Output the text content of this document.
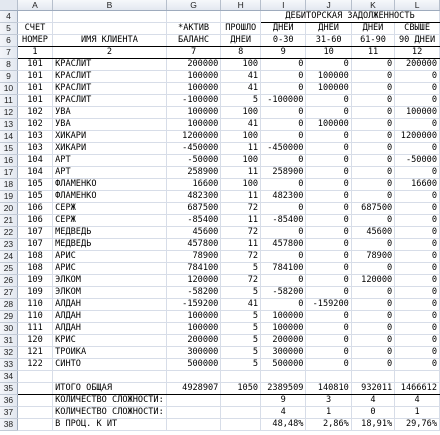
	A	B	G	H	I	J	K	L
4					ДЕБИТОРСКАЯ ЗАДОЛЖЕННОСТЬ			
5	СЧЕТ		*АКТИВ	ПРОШЛО	ДНЕЙ	ДНЕЙ	ДНЕЙ	СВЫШЕ
6	НОМЕР	ИМЯ КЛИЕНТА	БАЛАНС	ДНЕЙ	0-30	31-60	61-90	90 ДНЕЙ
7	1	2	7	8	9	10	11	12
8	101	КРАСЛИТ	200000	100	0	0	0	200000
9	101	КРАСЛИТ	100000	41	0	100000	0	0
10	101	КРАСЛИТ	100000	41	0	100000	0	0
11	101	КРАСЛИТ	-100000	5	-100000	0	0	0
12	102	УВА	100000	100	0	0	0	100000
13	102	УВА	100000	41	0	100000	0	0
14	103	ХИКАРИ	1200000	100	0	0	0	1200000
15	103	ХИКАРИ	-450000	11	-450000	0	0	0
16	104	АРТ	-50000	100	0	0	0	-50000
17	104	АРТ	258900	11	258900	0	0	0
18	105	ФЛАМЕНКО	16600	100	0	0	0	16600
19	105	ФЛАМЕНКО	482300	11	482300	0	0	0
20	106	СЕРЖ	687500	72	0	0	687500	0
21	106	СЕРЖ	-85400	11	-85400	0	0	0
22	107	МЕДВЕДЬ	45600	72	0	0	45600	0
23	107	МЕДВЕДЬ	457800	11	457800	0	0	0
24	108	АРИС	78900	72	0	0	78900	0
25	108	АРИС	784100	5	784100	0	0	0
26	109	ЭЛКОМ	120000	72	0	0	120000	0
27	109	ЭЛКОМ	-58200	5	-58200	0	0	0
28	110	АЛДАН	-159200	41	0	-159200	0	0
29	110	АЛДАН	100000	5	100000	0	0	0
30	111	АЛДАН	100000	5	100000	0	0	0
31	120	КРИС	200000	5	200000	0	0	0
32	121	ТРОЙКА	300000	5	300000	0	0	0
33	122	СИНТО	500000	5	500000	0	0	0
34								
35		ИТОГО ОБЩАЯ	4928907	1050	2389509	140810	932011	1466612
36		КОЛИЧЕСТВО СЛОЖНОСТИ:			9	3	4	4
37		КОЛИЧЕСТВО СЛОЖНОСТИ:			4	1	0	1
38		В ПРОЦ. К ИТ			48,48%	2,86%	18,91%	29,76%
